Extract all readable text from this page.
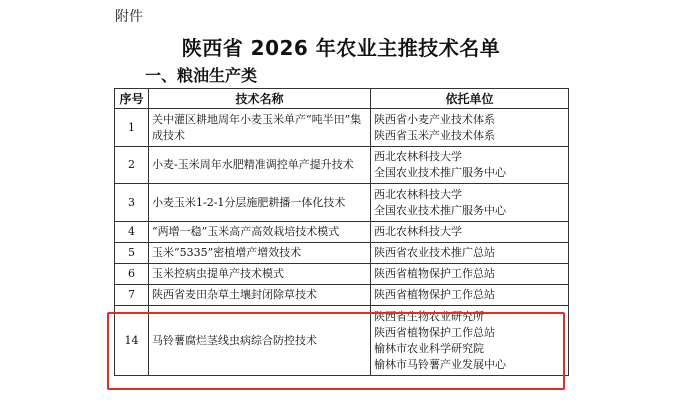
附件
陕西省 2026 年农业主推技术名单
一、粮油生产类
序号	技术名称	依托单位
1	关中灌区耕地周年小麦玉米单产“吨半田”集成技术	陕西省小麦产业技术体系
陕西省玉米产业技术体系

2	小麦-玉米周年水肥精准调控单产提升技术	西北农林科技大学
全国农业技术推广服务中心

3	小麦玉米1-2-1分层施肥耕播一体化技术	西北农林科技大学
全国农业技术推广服务中心

4	“两增一稳”玉米高产高效栽培技术模式	西北农林科技大学

5	玉米“5335”密植增产增效技术	陕西省农业技术推广总站

6	玉米控病虫提单产技术模式	陕西省植物保护工作总站

7	陕西省麦田杂草土壤封闭除草技术	陕西省植物保护工作总站

14	马铃薯腐烂茎线虫病综合防控技术	陕西省生物农业研究所
陕西省植物保护工作总站
榆林市农业科学研究院
榆林市马铃薯产业发展中心
